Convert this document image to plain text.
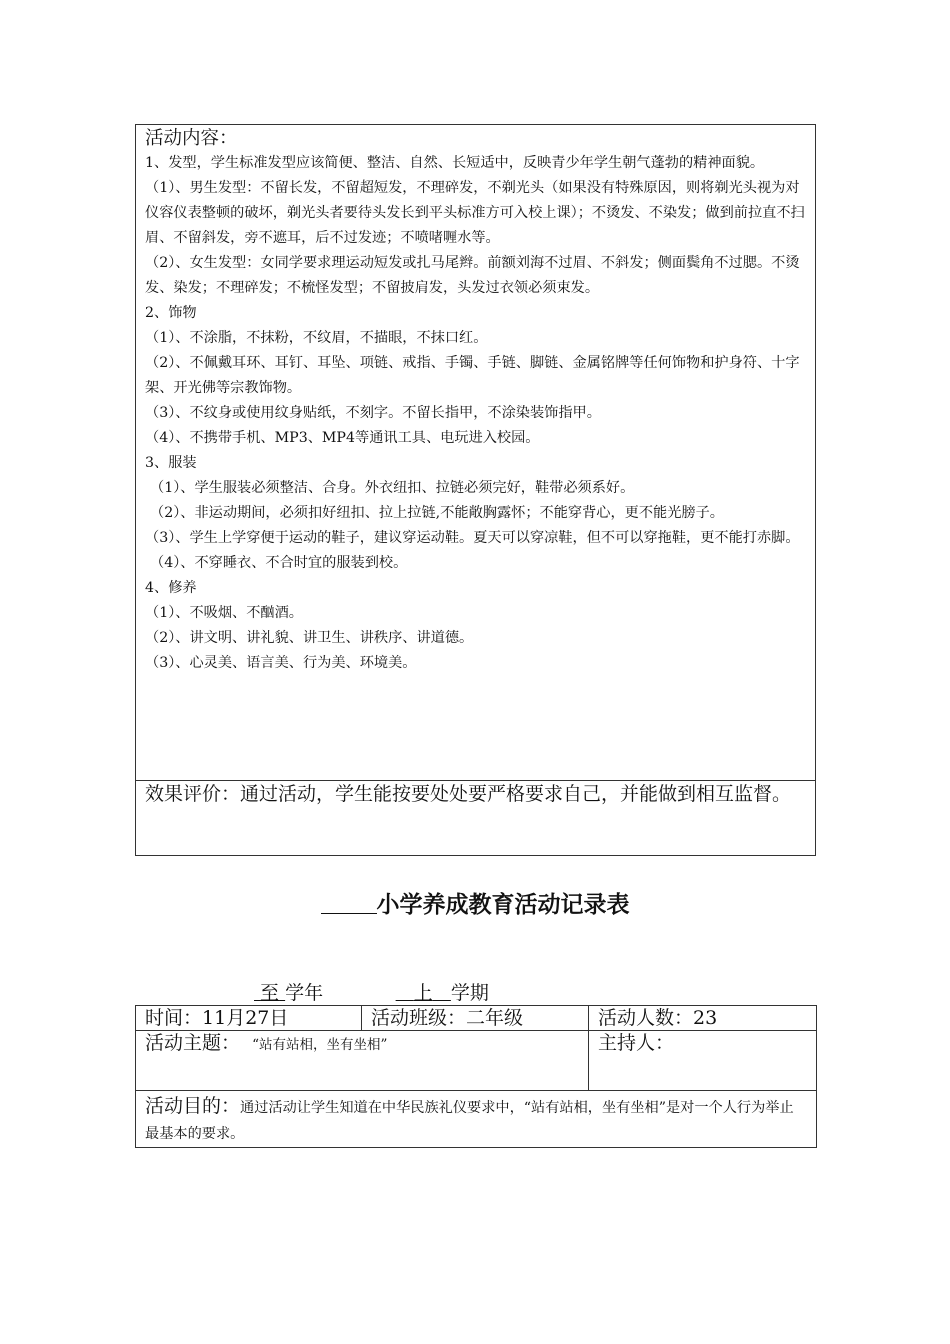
活动内容：

1、发型，学生标准发型应该简便、整洁、自然、长短适中，反映青少年学生朝气蓬勃的精神面貌。

（1）、男生发型：不留长发，不留超短发，不理碎发，不剃光头（如果没有特殊原因，则将剃光头视为对仪容仪表整顿的破坏，剃光头者要待头发长到平头标准方可入校上课）；不烫发、不染发；做到前拉直不扫眉、不留斜发，旁不遮耳，后不过发迹；不喷啫喱水等。

（2）、女生发型：女同学要求理运动短发或扎马尾辫。前额刘海不过眉、不斜发；侧面鬓角不过腮。不烫发、染发；不理碎发；不梳怪发型；不留披肩发，头发过衣领必须束发。

2、饰物

（1）、不涂脂，不抹粉，不纹眉，不描眼，不抹口红。

（2）、不佩戴耳环、耳钉、耳坠、项链、戒指、手镯、手链、脚链、金属铭牌等任何饰物和护身符、十字架、开光佛等宗教饰物。

（3）、不纹身或使用纹身贴纸，不刻字。不留长指甲，不涂染装饰指甲。

（4）、不携带手机、MP3、MP4等通讯工具、电玩进入校园。

3、服装

（1）、学生服装必须整洁、合身。外衣纽扣、拉链必须完好，鞋带必须系好。

（2）、非运动期间，必须扣好纽扣、拉上拉链,不能敞胸露怀；不能穿背心，更不能光膀子。

（3）、学生上学穿便于运动的鞋子，建议穿运动鞋。夏天可以穿凉鞋，但不可以穿拖鞋，更不能打赤脚。

（4）、不穿睡衣、不合时宜的服装到校。

4、修养

（1）、不吸烟、不酗酒。

（2）、讲文明、讲礼貌、讲卫生、讲秩序、讲道德。

（3）、心灵美、语言美、行为美、环境美。

效果评价：通过活动，学生能按要处处要严格要求自己，并能做到相互监督。

小学养成教育活动记录表
至 学年	上 学期
时间：11月27日	活动班级：二年级	活动人数：23
活动主题： “站有站相，坐有坐相”		主持人：
活动目的：通过活动让学生知道在中华民族礼仪要求中，“站有站相，坐有坐相”是对一个人行为举止最基本的要求。		
